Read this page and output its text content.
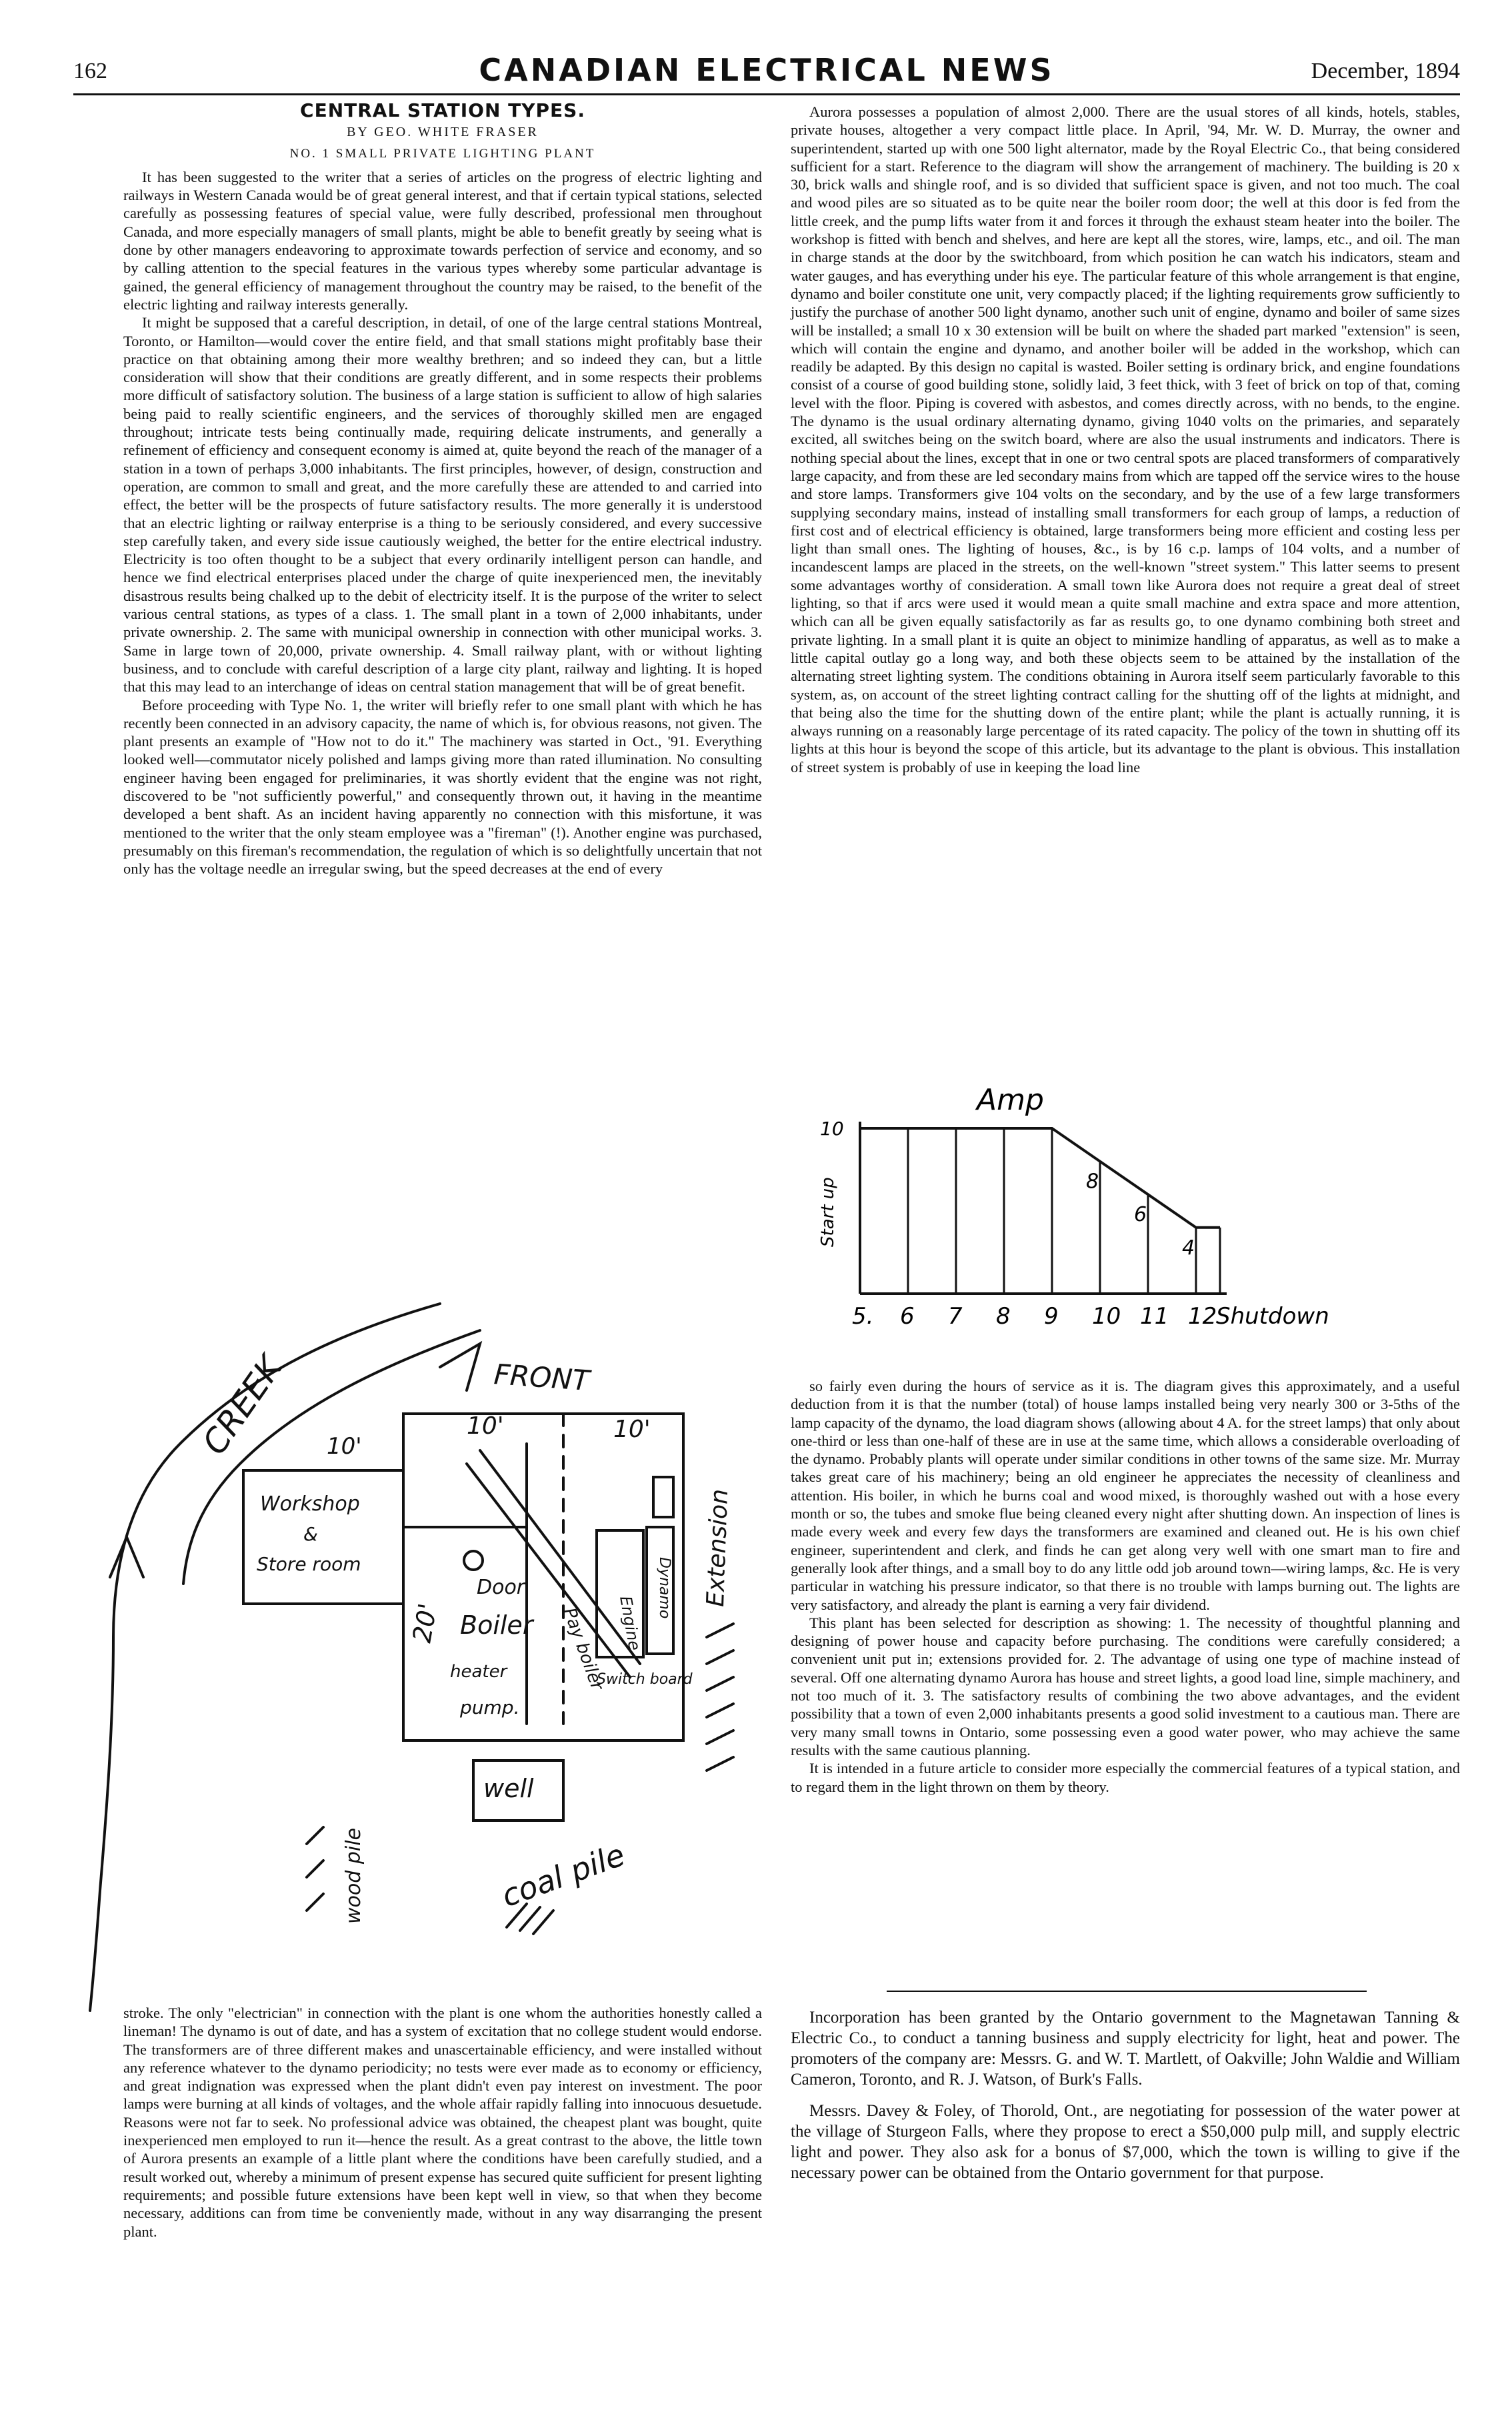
162	CANADIAN ELECTRICAL NEWS	December, 1894
CENTRAL STATION TYPES.
BY GEO. WHITE FRASER
NO. 1 SMALL PRIVATE LIGHTING PLANT

It has been suggested to the writer that a series of articles on the progress of electric lighting and railways in Western Canada would be of great general interest, and that if certain typical stations, selected carefully as possessing features of special value, were fully described, professional men throughout Canada, and more especially managers of small plants, might be able to benefit greatly by seeing what is done by other managers endeavoring to approximate towards perfection of service and economy, and so by calling attention to the special features in the various types whereby some particular advantage is gained, the general efficiency of management throughout the country may be raised, to the benefit of the electric lighting and railway interests generally.

It might be supposed that a careful description, in detail, of one of the large central stations Montreal, Toronto, or Hamilton—would cover the entire field, and that small stations might profitably base their practice on that obtaining among their more wealthy brethren; and so indeed they can, but a little consideration will show that their conditions are greatly different, and in some respects their problems more difficult of satisfactory solution. The business of a large station is sufficient to allow of high salaries being paid to really scientific engineers, and the services of thoroughly skilled men are engaged throughout; intricate tests being continually made, requiring delicate instruments, and generally a refinement of efficiency and consequent economy is aimed at, quite beyond the reach of the manager of a station in a town of perhaps 3,000 inhabitants. The first principles, however, of design, construction and operation, are common to small and great, and the more carefully these are attended to and carried into effect, the better will be the prospects of future satisfactory results. The more generally it is understood that an electric lighting or railway enterprise is a thing to be seriously considered, and every successive step carefully taken, and every side issue cautiously weighed, the better for the entire electrical industry. Electricity is too often thought to be a subject that every ordinarily intelligent person can handle, and hence we find electrical enterprises placed under the charge of quite inexperienced men, the inevitably disastrous results being chalked up to the debit of electricity itself. It is the purpose of the writer to select various central stations, as types of a class. 1. The small plant in a town of 2,000 inhabitants, under private ownership. 2. The same with municipal ownership in connection with other municipal works. 3. Same in large town of 20,000, private ownership. 4. Small railway plant, with or without lighting business, and to conclude with careful description of a large city plant, railway and lighting. It is hoped that this may lead to an interchange of ideas on central station management that will be of great benefit.

Before proceeding with Type No. 1, the writer will briefly refer to one small plant with which he has recently been connected in an advisory capacity, the name of which is, for obvious reasons, not given. The plant presents an example of "How not to do it." The machinery was started in Oct., '91. Everything looked well—commutator nicely polished and lamps giving more than rated illumination. No consulting engineer having been engaged for preliminaries, it was shortly evident that the engine was not right, discovered to be "not sufficiently powerful," and consequently thrown out, it having in the meantime developed a bent shaft. As an incident having apparently no connection with this misfortune, it was mentioned to the writer that the only steam employee was a "fireman" (!). Another engine was purchased, presumably on this fireman's recommendation, the regulation of which is so delightfully uncertain that not only has the voltage needle an irregular swing, but the speed decreases at the end of every

Aurora possesses a population of almost 2,000. There are the usual stores of all kinds, hotels, stables, private houses, altogether a very compact little place. In April, '94, Mr. W. D. Murray, the owner and superintendent, started up with one 500 light alternator, made by the Royal Electric Co., that being considered sufficient for a start. Reference to the diagram will show the arrangement of machinery. The building is 20 x 30, brick walls and shingle roof, and is so divided that sufficient space is given, and not too much. The coal and wood piles are so situated as to be quite near the boiler room door; the well at this door is fed from the little creek, and the pump lifts water from it and forces it through the exhaust steam heater into the boiler. The workshop is fitted with bench and shelves, and here are kept all the stores, wire, lamps, etc., and oil. The man in charge stands at the door by the switchboard, from which position he can watch his indicators, steam and water gauges, and has everything under his eye. The particular feature of this whole arrangement is that engine, dynamo and boiler constitute one unit, very compactly placed; if the lighting requirements grow sufficiently to justify the purchase of another 500 light dynamo, another such unit of engine, dynamo and boiler of same sizes will be installed; a small 10 x 30 extension will be built on where the shaded part marked "extension" is seen, which will contain the engine and dynamo, and another boiler will be added in the workshop, which can readily be adapted. By this design no capital is wasted. Boiler setting is ordinary brick, and engine foundations consist of a course of good building stone, solidly laid, 3 feet thick, with 3 feet of brick on top of that, coming level with the floor. Piping is covered with asbestos, and comes directly across, with no bends, to the engine. The dynamo is the usual ordinary alternating dynamo, giving 1040 volts on the primaries, and separately excited, all switches being on the switch board, where are also the usual instruments and indicators. There is nothing special about the lines, except that in one or two central spots are placed transformers of comparatively large capacity, and from these are led secondary mains from which are tapped off the service wires to the house and store lamps. Transformers give 104 volts on the secondary, and by the use of a few large transformers supplying secondary mains, instead of installing small transformers for each group of lamps, a reduction of first cost and of electrical efficiency is obtained, large transformers being more efficient and costing less per light than small ones. The lighting of houses, &c., is by 16 c.p. lamps of 104 volts, and a number of incandescent lamps are placed in the streets, on the well-known "street system." This latter seems to present some advantages worthy of consideration. A small town like Aurora does not require a great deal of street lighting, so that if arcs were used it would mean a quite small machine and extra space and more attention, which can all be given equally satisfactorily as far as results go, to one dynamo combining both street and private lighting. In a small plant it is quite an object to minimize handling of apparatus, as well as to make a little capital outlay go a long way, and both these objects seem to be attained by the installation of the alternating street lighting system. The conditions obtaining in Aurora itself seem particularly favorable to this system, as, on account of the street lighting contract calling for the shutting off of the lights at midnight, and that being also the time for the shutting down of the entire plant; while the plant is actually running, it is always running on a reasonably large percentage of its rated capacity. The policy of the town in shutting off its lights at this hour is beyond the scope of this article, but its advantage to the plant is obvious. This installation of street system is probably of use in keeping the load line

Amp
10
Start up
5. 6 7 8 9 10 11 12
Shutdown
8
6
4

so fairly even during the hours of service as it is. The diagram gives this approximately, and a useful deduction from it is that the number (total) of house lamps installed being very nearly 300 or 3-5ths of the lamp capacity of the dynamo, the load diagram shows (allowing about 4 A. for the street lamps) that only about one-third or less than one-half of these are in use at the same time, which allows a considerable overloading of the dynamo. Probably plants will operate under similar conditions in other towns of the same size. Mr. Murray takes great care of his machinery; being an old engineer he appreciates the necessity of cleanliness and attention. His boiler, in which he burns coal and wood mixed, is thoroughly washed out with a hose every month or so, the tubes and smoke flue being cleaned every night after shutting down. An inspection of lines is made every week and every few days the transformers are examined and cleaned out. He is his own chief engineer, superintendent and clerk, and finds he can get along very well with one smart man to fire and generally look after things, and a small boy to do any little odd job around town—wiring lamps, &c. He is very particular in watching his pressure indicator, so that there is no trouble with lamps burning out. The lights are very satisfactory, and already the plant is earning a very fair dividend.

This plant has been selected for description as showing: 1. The necessity of thoughtful planning and designing of power house and capacity before purchasing. The conditions were carefully considered; a convenient unit put in; extensions provided for. 2. The advantage of using one type of machine instead of several. Off one alternating dynamo Aurora has house and street lights, a good load line, simple machinery, and not too much of it. 3. The satisfactory results of combining the two above advantages, and the evident possibility that a town of even 2,000 inhabitants presents a good solid investment to a cautious man. There are very many small towns in Ontario, some possessing even a good water power, who may achieve the same results with the same cautious planning.

It is intended in a future article to consider more especially the commercial features of a typical station, and to regard them in the light thrown on them by theory.

CREEK	FRONT
10'
10'	10'
20'
Workshop
&
Store room
Door
Boiler
heater
pump.
Pay boiler Engine
Dynamo Extension
Switch board
well
wood pile	coal pile

stroke. The only "electrician" in connection with the plant is one whom the authorities honestly called a lineman! The dynamo is out of date, and has a system of excitation that no college student would endorse. The transformers are of three different makes and unascertainable efficiency, and were installed without any reference whatever to the dynamo periodicity; no tests were ever made as to economy or efficiency, and great indignation was expressed when the plant didn't even pay interest on investment. The poor lamps were burning at all kinds of voltages, and the whole affair rapidly falling into innocuous desuetude. Reasons were not far to seek. No professional advice was obtained, the cheapest plant was bought, quite inexperienced men employed to run it—hence the result. As a great contrast to the above, the little town of Aurora presents an example of a little plant where the conditions have been carefully studied, and a result worked out, whereby a minimum of present expense has secured quite sufficient for present lighting requirements; and possible future extensions have been kept well in view, so that when they become necessary, additions can from time be conveniently made, without in any way disarranging the present plant.

Incorporation has been granted by the Ontario government to the Magnetawan Tanning & Electric Co., to conduct a tanning business and supply electricity for light, heat and power. The promoters of the company are: Messrs. G. and W. T. Martlett, of Oakville; John Waldie and William Cameron, Toronto, and R. J. Watson, of Burk's Falls.

Messrs. Davey & Foley, of Thorold, Ont., are negotiating for possession of the water power at the village of Sturgeon Falls, where they propose to erect a $50,000 pulp mill, and supply electric light and power. They also ask for a bonus of $7,000, which the town is willing to give if the necessary power can be obtained from the Ontario government for that purpose.
